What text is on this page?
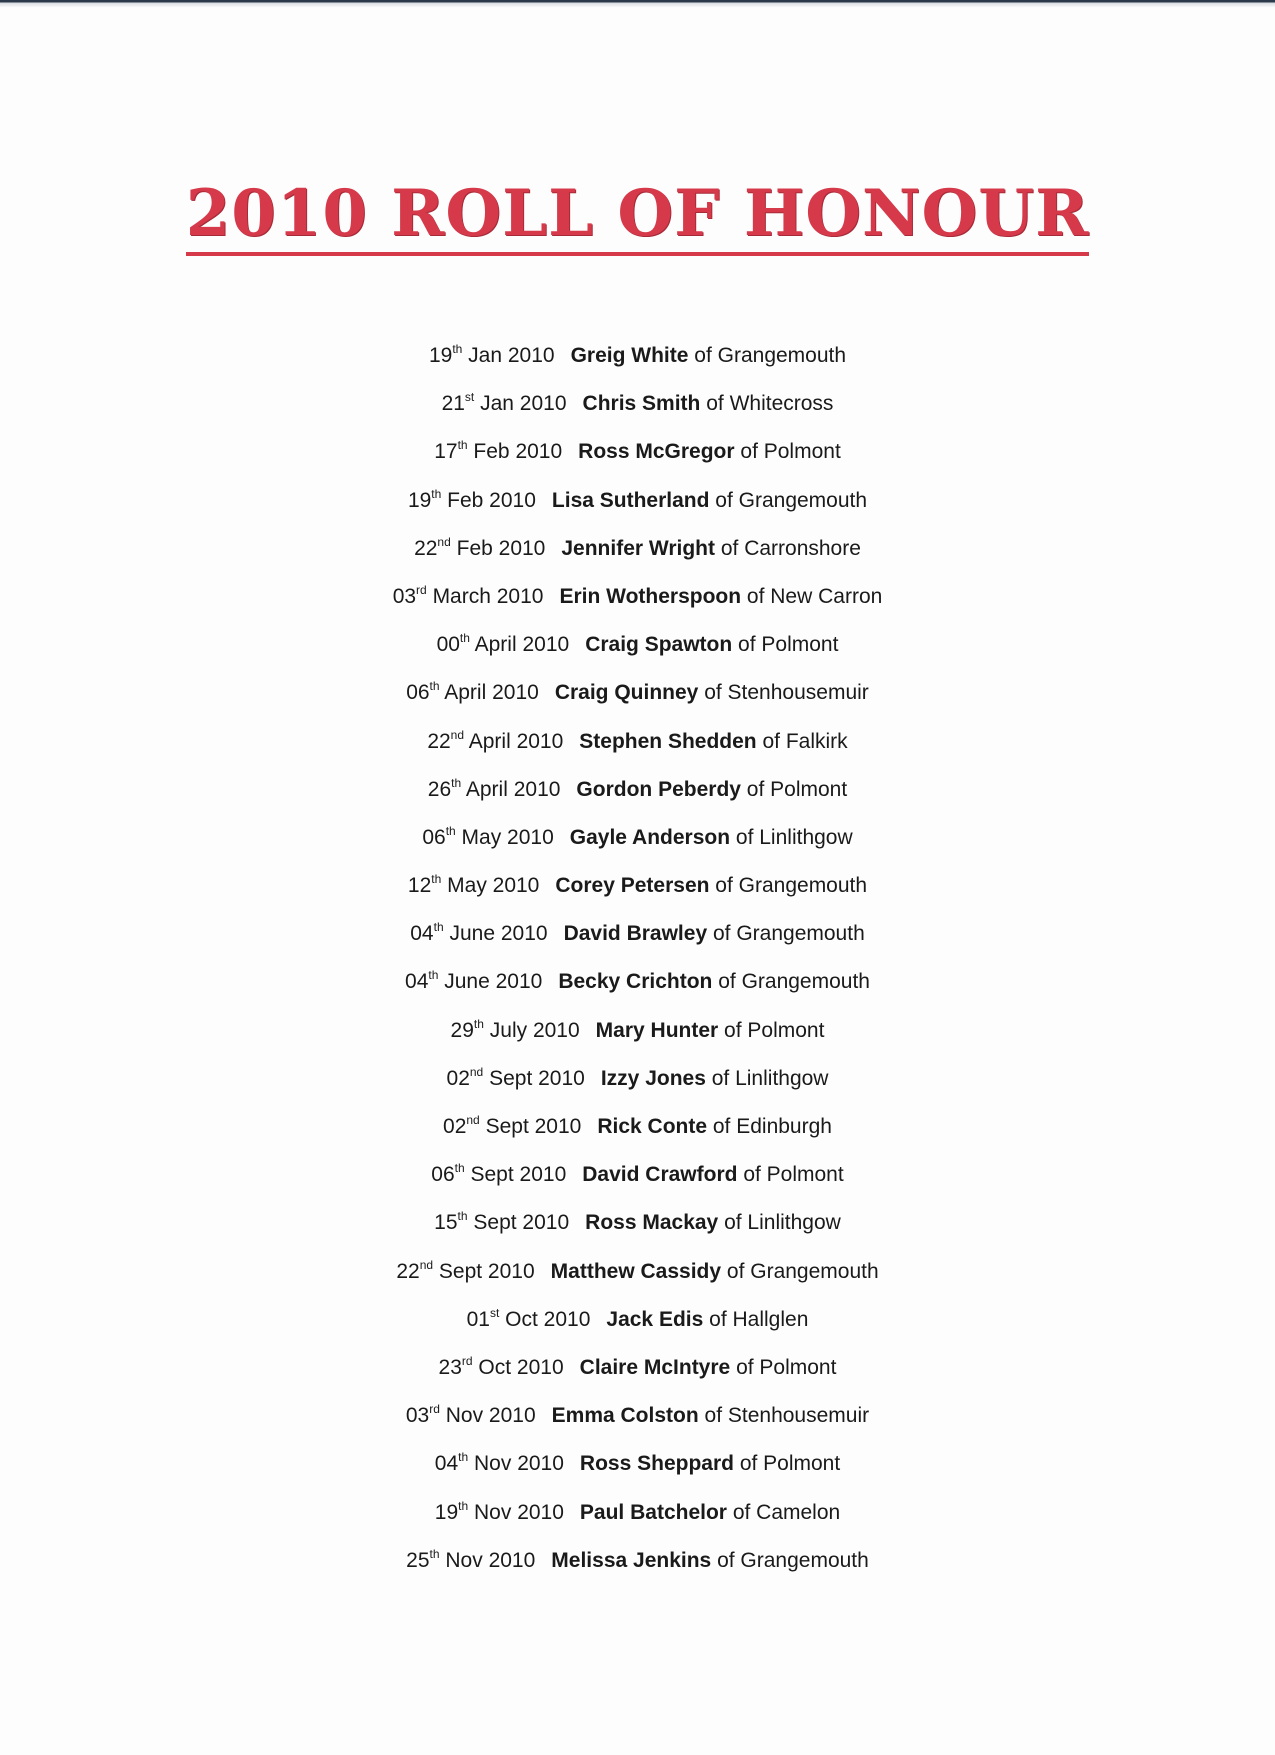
2010 ROLL OF HONOUR
19th Jan 2010 Greig White of Grangemouth
21st Jan 2010 Chris Smith of Whitecross
17th Feb 2010 Ross McGregor of Polmont
19th Feb 2010 Lisa Sutherland of Grangemouth
22nd Feb 2010 Jennifer Wright of Carronshore
03rd March 2010 Erin Wotherspoon of New Carron
00th April 2010 Craig Spawton of Polmont
06th April 2010 Craig Quinney of Stenhousemuir
22nd April 2010 Stephen Shedden of Falkirk
26th April 2010 Gordon Peberdy of Polmont
06th May 2010 Gayle Anderson of Linlithgow
12th May 2010 Corey Petersen of Grangemouth
04th June 2010 David Brawley of Grangemouth
04th June 2010 Becky Crichton of Grangemouth
29th July 2010 Mary Hunter of Polmont
02nd Sept 2010 Izzy Jones of Linlithgow
02nd Sept 2010 Rick Conte of Edinburgh
06th Sept 2010 David Crawford of Polmont
15th Sept 2010 Ross Mackay of Linlithgow
22nd Sept 2010 Matthew Cassidy of Grangemouth
01st Oct 2010 Jack Edis of Hallglen
23rd Oct 2010 Claire McIntyre of Polmont
03rd Nov 2010 Emma Colston of Stenhousemuir
04th Nov 2010 Ross Sheppard of Polmont
19th Nov 2010 Paul Batchelor of Camelon
25th Nov 2010 Melissa Jenkins of Grangemouth
